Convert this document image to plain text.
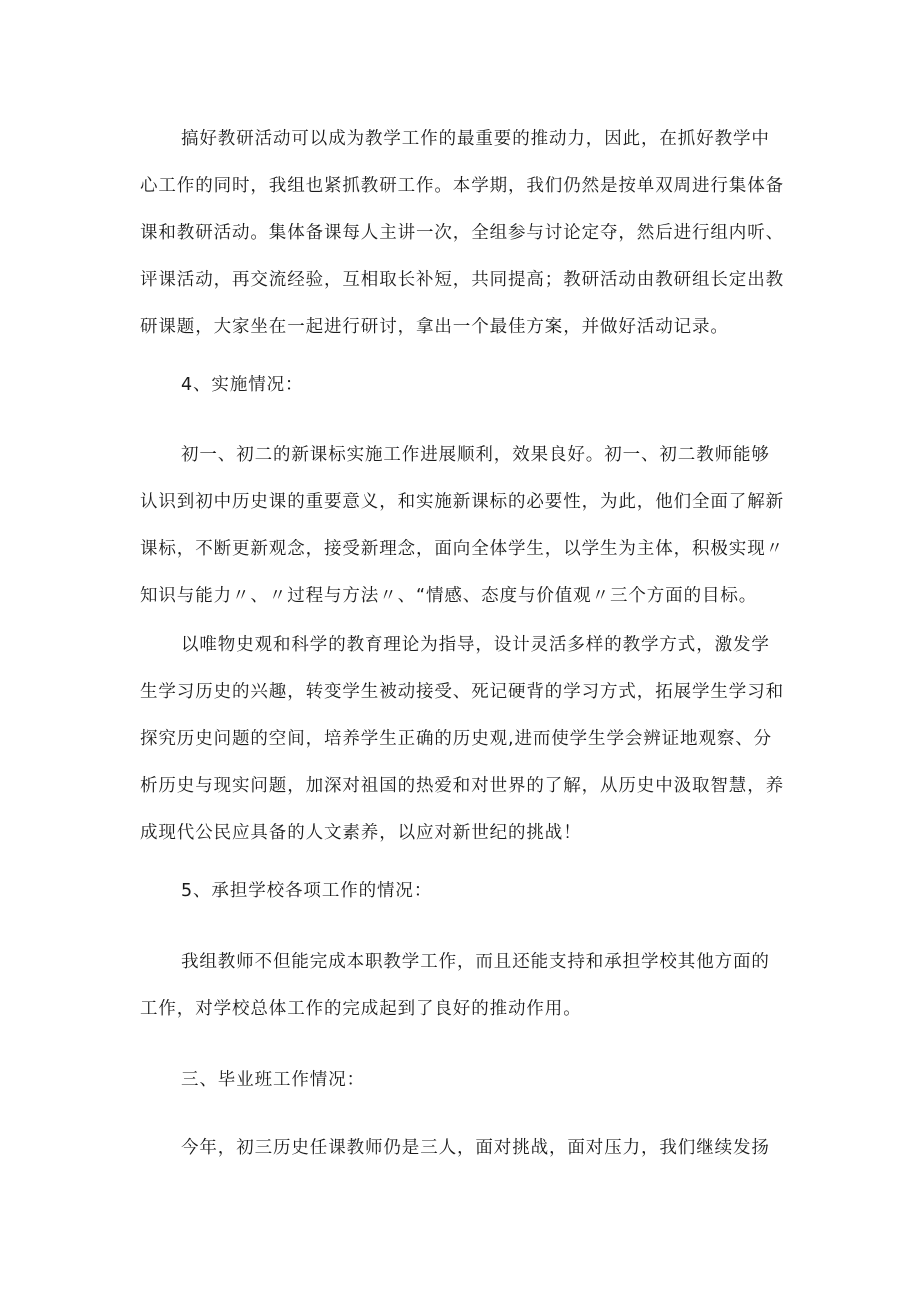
搞好教研活动可以成为教学工作的最重要的推动力，因此，在抓好教学中
心工作的同时，我组也紧抓教研工作。本学期，我们仍然是按单双周进行集体备
课和教研活动。集体备课每人主讲一次，全组参与讨论定夺，然后进行组内听、
评课活动，再交流经验，互相取长补短，共同提高；教研活动由教研组长定出教
研课题，大家坐在一起进行研讨，拿出一个最佳方案，并做好活动记录。
4、实施情况：
初一、初二的新课标实施工作进展顺利，效果良好。初一、初二教师能够
认识到初中历史课的重要意义，和实施新课标的必要性，为此，他们全面了解新
课标，不断更新观念，接受新理念，面向全体学生，以学生为主体，积极实现〃
知识与能力〃、〃过程与方法〃、“情感、态度与价值观〃三个方面的目标。
以唯物史观和科学的教育理论为指导，设计灵活多样的教学方式，激发学
生学习历史的兴趣，转变学生被动接受、死记硬背的学习方式，拓展学生学习和
探究历史问题的空间，培养学生正确的历史观,进而使学生学会辨证地观察、分
析历史与现实问题，加深对祖国的热爱和对世界的了解，从历史中汲取智慧，养
成现代公民应具备的人文素养，以应对新世纪的挑战！
5、承担学校各项工作的情况：
我组教师不但能完成本职教学工作，而且还能支持和承担学校其他方面的
工作，对学校总体工作的完成起到了良好的推动作用。
三、毕业班工作情况：
今年，初三历史任课教师仍是三人，面对挑战，面对压力，我们继续发扬
